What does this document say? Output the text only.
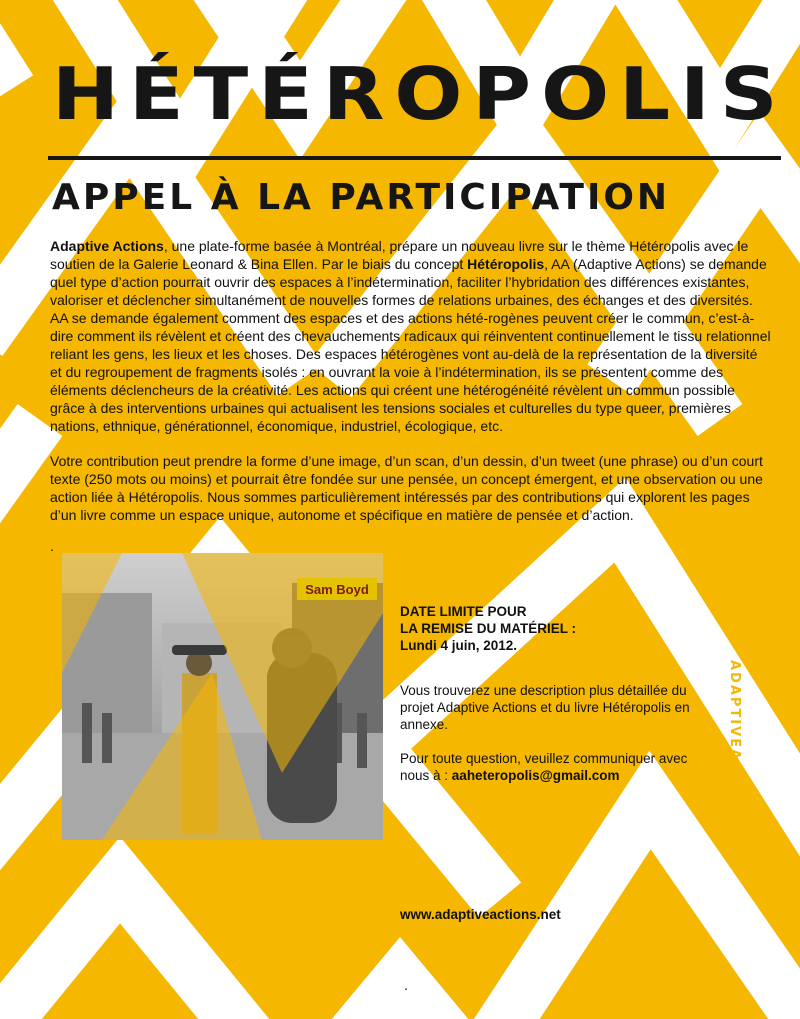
HÉTÉROPOLIS
APPEL À LA PARTICIPATION

Adaptive Actions, une plate-forme basée à Montréal, prépare un nouveau livre sur le thème Hétéropolis avec le soutien de la Galerie Leonard & Bina Ellen. Par le biais du concept Hétéropolis, AA (Adaptive Actions) se demande quel type d’action pourrait ouvrir des espaces à l’indétermination, faciliter l’hybridation des différences existantes, valoriser et déclencher simultanément de nouvelles formes de relations urbaines, des échanges et des diversités. AA se demande également comment des espaces et des actions hété-rogènes peuvent créer le commun, c’est-à-dire comment ils révèlent et créent des chevauchements radicaux qui réinventent continuellement le tissu relationnel reliant les gens, les lieux et les choses. Des espaces hétérogènes vont au-delà de la représentation de la diversité et du regroupement de fragments isolés : en ouvrant la voie à l’indétermination, ils se présentent comme des éléments déclencheurs de la créativité. Les actions qui créent une hétérogénéité révèlent un commun possible grâce à des interventions urbaines qui actualisent les tensions sociales et culturelles du type queer, premières nations, ethnique, générationnel, économique, industriel, écologique, etc.

Votre contribution peut prendre la forme d’une image, d’un scan, d’un dessin, d’un tweet (une phrase) ou d’un court texte (250 mots ou moins) et pourrait être fondée sur une pensée, un concept émergent, et une observation ou une action liée à Hétéropolis. Nous sommes particulièrement intéressés par des contributions qui explorent les pages d’un livre comme un espace unique, autonome et spécifique en matière de pensée et d’action.

.
Sam Boyd
DATE LIMITE POUR
LA REMISE DU MATÉRIEL :
Lundi 4 juin, 2012.

Vous trouverez une description plus détaillée du projet Adaptive Actions et du livre Hétéropolis en annexe.

Pour toute question, veuillez communiquer avec nous à : aaheteropolis@gmail.com

www.adaptiveactions.net
ADAPTIVEACTIONS.NET
.
